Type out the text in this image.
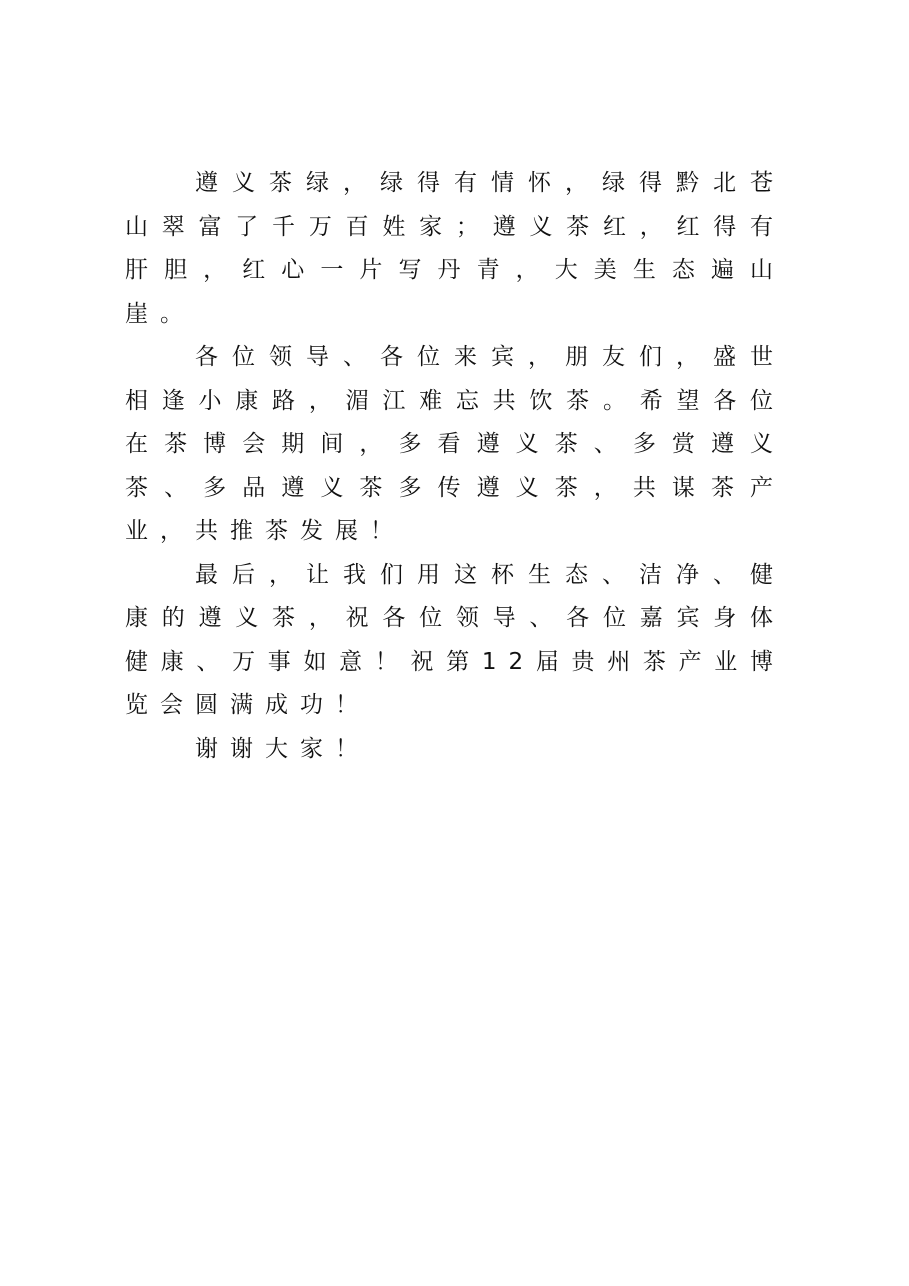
遵义茶绿，绿得有情怀，绿得黔北苍山翠富了千万百姓家；遵义茶红，红得有肝胆，红心一片写丹青，大美生态遍山崖。

各位领导、各位来宾，朋友们，盛世相逢小康路，湄江难忘共饮茶。希望各位在茶博会期间，多看遵义茶、多赏遵义茶、多品遵义茶多传遵义茶，共谋茶产业，共推茶发展！

最后，让我们用这杯生态、洁净、健康的遵义茶，祝各位领导、各位嘉宾身体健康、万事如意！祝第12届贵州茶产业博览会圆满成功！

谢谢大家！
